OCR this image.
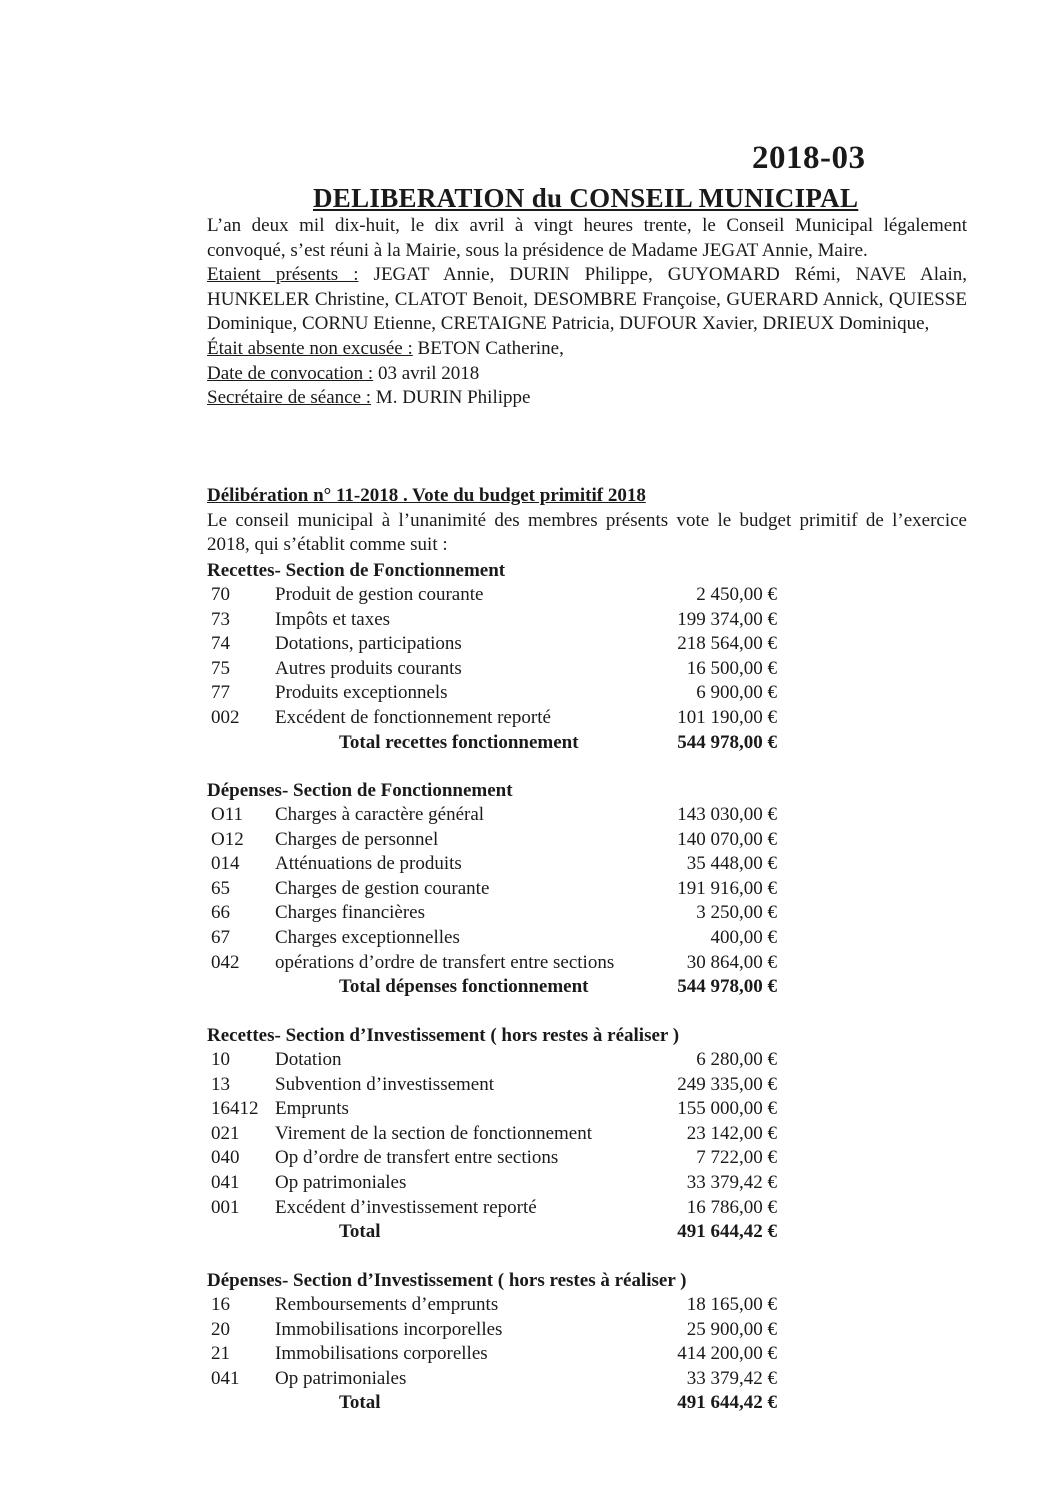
2018-03
DELIBERATION du CONSEIL MUNICIPAL

L’an deux mil dix-huit, le dix avril à vingt heures trente, le Conseil Municipal légalement convoqué, s’est réuni à la Mairie, sous la présidence de Madame JEGAT Annie, Maire.

Etaient présents : JEGAT Annie, DURIN Philippe, GUYOMARD Rémi, NAVE Alain, HUNKELER Christine, CLATOT Benoit, DESOMBRE Françoise, GUERARD Annick, QUIESSE Dominique, CORNU Etienne, CRETAIGNE Patricia, DUFOUR Xavier, DRIEUX Dominique,

Était absente non excusée : BETON Catherine,

Date de convocation : 03 avril 2018

Secrétaire de séance : M. DURIN Philippe

Délibération n° 11-2018 . Vote du budget primitif 2018

Le conseil municipal à l’unanimité des membres présents vote le budget primitif de l’exercice 2018, qui s’établit comme suit :

Recettes- Section de Fonctionnement
70 Produit de gestion courante	2 450,00 €
73 Impôts et taxes	199 374,00 €
74 Dotations, participations	218 564,00 €
75 Autres produits courants	16 500,00 €
77 Produits exceptionnels	6 900,00 €
002 Excédent de fonctionnement reporté	101 190,00 €
Total recettes fonctionnement	544 978,00 €
Dépenses- Section de Fonctionnement
O11 Charges à caractère général	143 030,00 €
O12 Charges de personnel	140 070,00 €
014 Atténuations de produits	35 448,00 €
65 Charges de gestion courante	191 916,00 €
66 Charges financières	3 250,00 €
67 Charges exceptionnelles	400,00 €
042 opérations d’ordre de transfert entre sections	30 864,00 €
Total dépenses fonctionnement	544 978,00 €
Recettes- Section d’Investissement ( hors restes à réaliser )
10 Dotation	6 280,00 €
13 Subvention d’investissement	249 335,00 €
16412 Emprunts	155 000,00 €
021 Virement de la section de fonctionnement	23 142,00 €
040 Op d’ordre de transfert entre sections	7 722,00 €
041 Op patrimoniales	33 379,42 €
001 Excédent d’investissement reporté	16 786,00 €
Total	491 644,42 €
Dépenses- Section d’Investissement ( hors restes à réaliser )
16 Remboursements d’emprunts	18 165,00 €
20 Immobilisations incorporelles	25 900,00 €
21 Immobilisations corporelles	414 200,00 €
041 Op patrimoniales	33 379,42 €
Total	491 644,42 €
